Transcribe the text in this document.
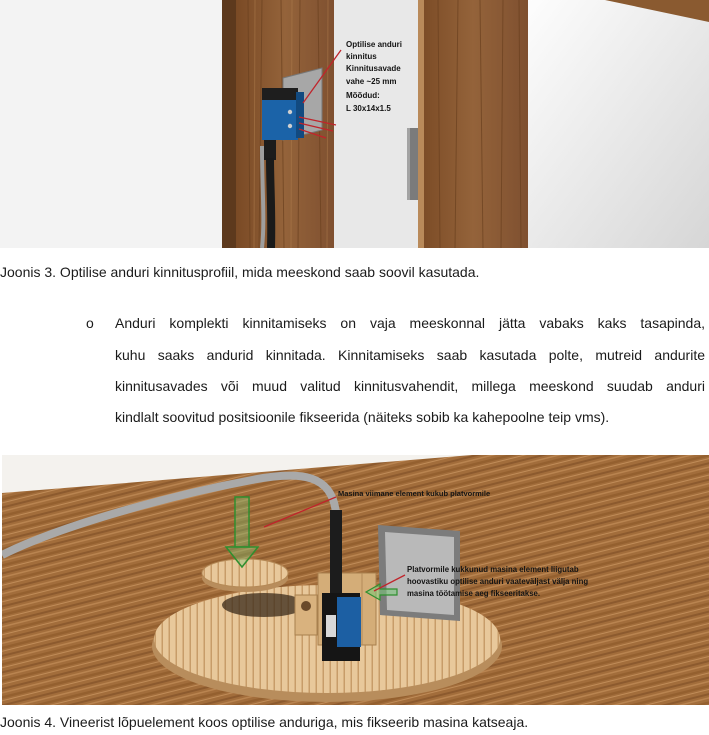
Optilise anduri kinnitus Kinnitusavade vahe ~25 mm Mõõdud: L 30x14x1.5
Joonis 3. Optilise anduri kinnitusprofiil, mida meeskond saab soovil kasutada.
o Anduri komplekti kinnitamiseks on vaja meeskonnal jätta vabaks kaks tasapinda,
kuhu saaks andurid kinnitada. Kinnitamiseks saab kasutada polte, mutreid andurite
kinnitusavades või muud valitud kinnitusvahendit, millega meeskond suudab anduri
kindlalt soovitud positsioonile fikseerida (näiteks sobib ka kahepoolne teip vms).
Masina viimane element kukub platvormile
Platvormile kukkunud masina element liigutab hoovastiku optilise anduri vaateväljast välja ning masina töötamise aeg fikseeritakse.
Joonis 4. Vineerist lõpuelement koos optilise anduriga, mis fikseerib masina katseaja.
